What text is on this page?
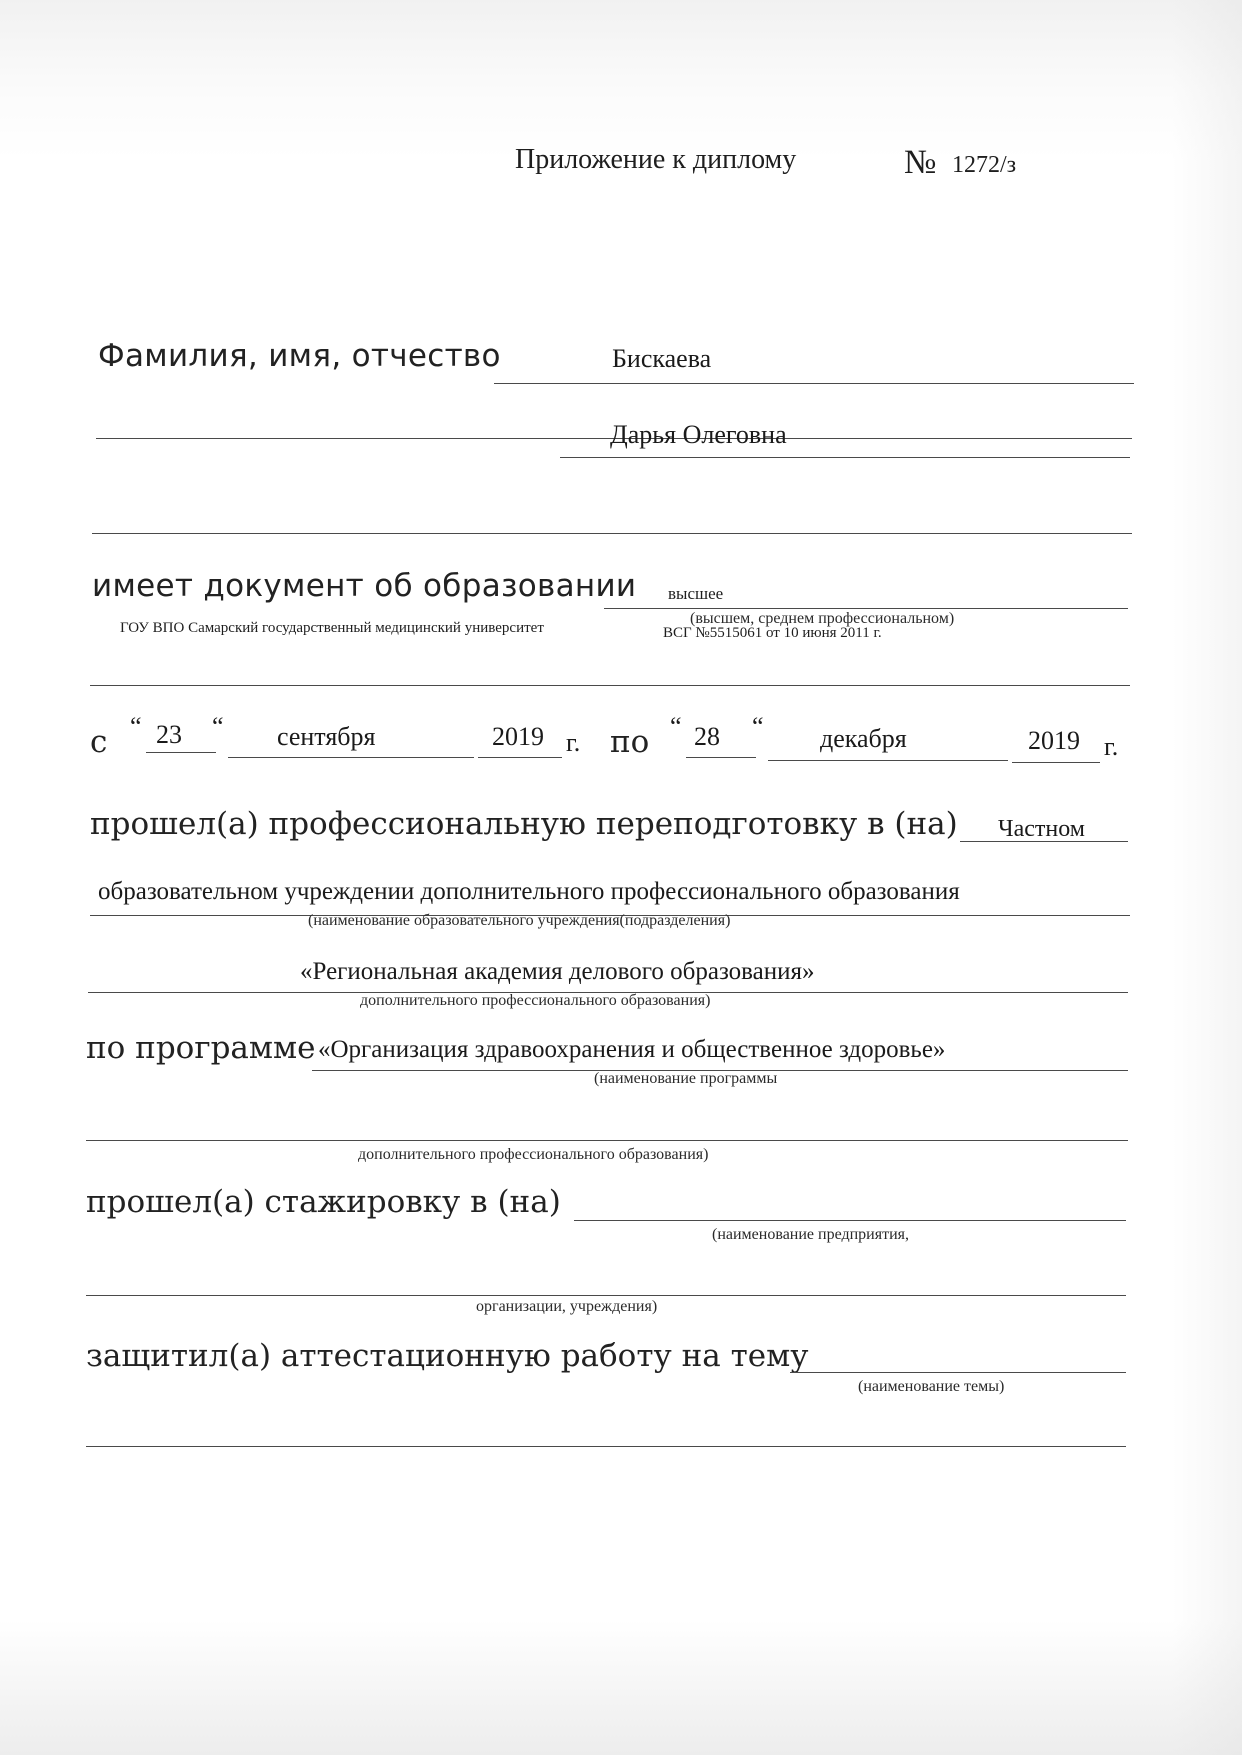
Приложение к диплому	№ 1272/з
Фамилия, имя, отчество	Бискаева
Дарья Олеговна
имеет документ об образовании высшее
(высшем, среднем профессиональном)
ГОУ ВПО Самарский государственный медицинский университет	ВСГ №5515061 от 10 июня 2011 г.
с “ 23 “ сентября	2019 г. по “ 28 “ декабря	2019 г.
прошел(а) профессиональную переподготовку в (на) Частном
образовательном учреждении дополнительного профессионального образования
(наименование образовательного учреждения(подразделения)
«Региональная академия делового образования»
дополнительного профессионального образования)
по программе «Организация здравоохранения и общественное здоровье»
(наименование программы
дополнительного профессионального образования)
прошел(а) стажировку в (на)
(наименование предприятия,
организации, учреждения)
защитил(а) аттестационную работу на тему
(наименование темы)
